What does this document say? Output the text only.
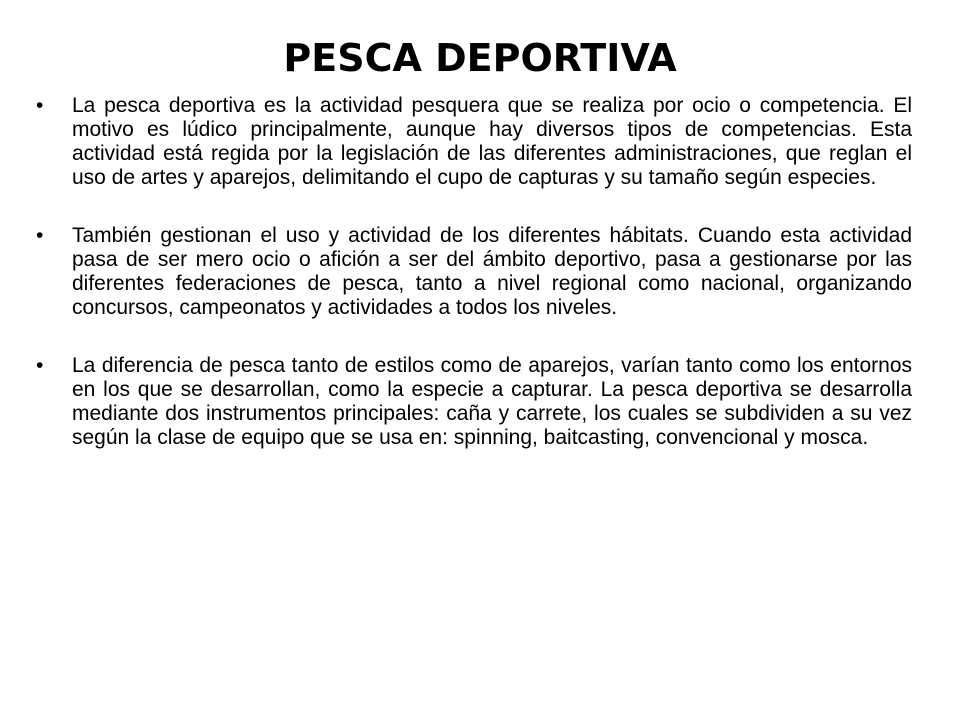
PESCA DEPORTIVA
•	La pesca deportiva es la actividad pesquera que se realiza por ocio o competencia. El motivo es lúdico principalmente, aunque hay diversos tipos de competencias. Esta actividad está regida por la legislación de las diferentes administraciones, que reglan el uso de artes y aparejos, delimitando el cupo de capturas y su tamaño según especies.
•	También gestionan el uso y actividad de los diferentes hábitats. Cuando esta actividad pasa de ser mero ocio o afición a ser del ámbito deportivo, pasa a gestionarse por las diferentes federaciones de pesca, tanto a nivel regional como nacional, organizando concursos, campeonatos y actividades a todos los niveles.
•	La diferencia de pesca tanto de estilos como de aparejos, varían tanto como los entornos en los que se desarrollan, como la especie a capturar. La pesca deportiva se desarrolla mediante dos instrumentos principales: caña y carrete, los cuales se subdividen a su vez según la clase de equipo que se usa en: spinning, baitcasting, convencional y mosca.
